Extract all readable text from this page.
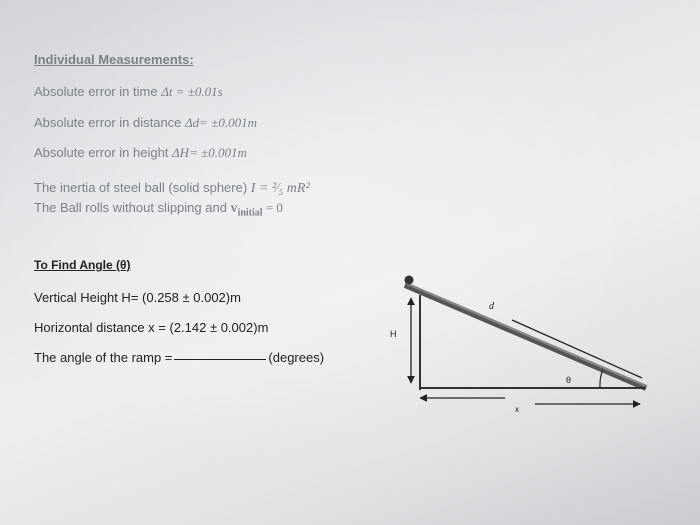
Individual Measurements:
Absolute error in time Δt = ±0.01s
Absolute error in distance Δd= ±0.001m
Absolute error in height ΔH= ±0.001m
The inertia of steel ball (solid sphere) I = ²⁄₅ mR²
The Ball rolls without slipping and $v_{initial} = 0$
To Find Angle (θ)
Vertical Height H= (0.258 ± 0.002)m
Horizontal distance x = (2.142 ± 0.002)m
The angle of the ramp =	(degrees)
H
d
x
θ
